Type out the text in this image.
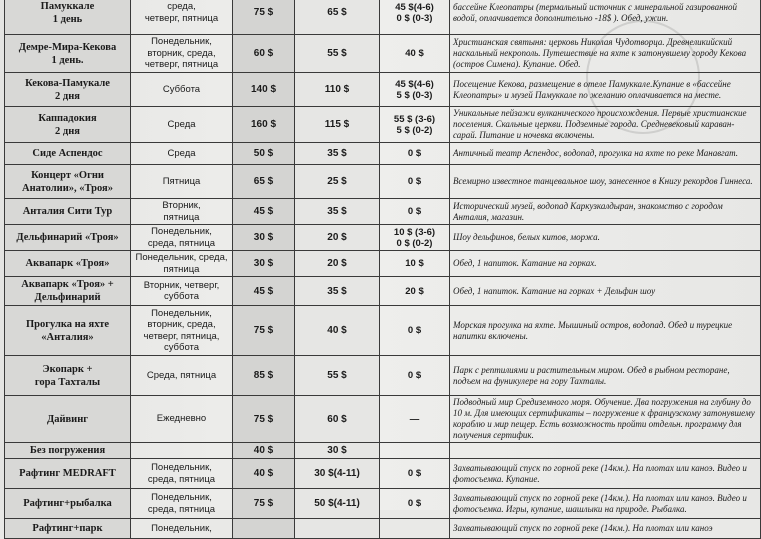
Памуккале
1 день	среда,
четверг, пятница	75 $	65 $	45 $(4-6)
0 $ (0-3)	бассейне Клеопатры (термальный источник с минеральной газированной водой, оплачивается дополнительно -18$ ). Обед, ужин.

Демре-Мира-Кекова
1 день.	Понедельник,
вторник, среда,
четверг, пятница	60 $	55 $	40 $	Христианская святыня: церковь Николая Чудотворца. Древнеликийский наскальный некрополь. Путешествие на яхте к затонувшему городу Кекова (остров Симена). Купание. Обед.

Кекова-Памукале
2 дня	Суббота	140 $	110 $	45 $(4-6)
5 $ (0-3)	Посещение Кекова, размещение в отеле Памуккале.Купание в «бассейне Клеопатры» и музей Памуккале по желанию оплачивается на месте.

Каппадокия
2 дня	Среда	160 $	115 $	55 $ (3-6)
5 $ (0-2)	Уникальные пейзажи вулканического происхождения. Первые христианские поселения. Скальные церкви. Подземные города. Средневековый караван-сарай. Питание и ночевка включены.

Сиде Аспендос	Среда	50 $	35 $	0 $	Античный театр Аспендос, водопад, прогулка на яхте по реке Манавгат.

Концерт «Огни
Анатолии», «Троя»	Пятница	65 $	25 $	0 $	Всемирно известное танцевальное шоу, занесенное в Книгу рекордов Гиннеса.

Анталия Сити Тур	Вторник,
пятница	45 $	35 $	0 $	Исторический музей, водопад Каркузкалдыран, знакомство с городом Анталия, магазин.

Дельфинарий «Троя»	Понедельник,
среда, пятница	30 $	20 $	10 $ (3-6)
0 $ (0-2)	Шоу дельфинов, белых китов, моржа.

Аквапарк «Троя»	Понедельник, среда,
пятница	30 $	20 $	10 $	Обед, 1 напиток. Катание на горках.

Аквапарк «Троя» +
Дельфинарий	Вторник, четверг,
суббота	45 $	35 $	20 $	Обед, 1 напиток. Катание на горках + Дельфин шоу

Прогулка на яхте
«Анталия»	Понедельник,
вторник, среда,
четверг, пятница,
суббота	75 $	40 $	0 $	Морская прогулка на яхте. Мышиный остров, водопад. Обед и турецкие напитки включены.

Экопарк +
гора Тахталы	Среда, пятница	85 $	55 $	0 $	Парк с рептилиями и растительным миром. Обед в рыбном ресторане, подъем на фуникулере на гору Тахталы.

Дайвинг	Ежедневно	75 $	60 $	—	Подводный мир Средиземного моря. Обучение. Два погружения на глубину до 10 м. Для имеющих сертификаты – погружение к французскому затонувшему кораблю и мир пещер. Есть возможность пройти отдельн. программу для получения сертифик.

Без погружения		40 $	30 $	

Рафтинг MEDRAFT	Понедельник,
среда, пятница	40 $	30 $(4-11)	0 $	Захватывающий спуск по горной реке (14км.). На плотах или каноэ. Видео и фотосъемка. Купание.

Рафтинг+рыбалка	Понедельник,
среда, пятница	75 $	50 $(4-11)	0 $	Захватывающий спуск по горной реке (14км.). На плотах или каноэ. Видео и фотосъемка. Игры, купание, шашлыки на природе. Рыбалка.

Рафтинг+парк	Понедельник,				Захватывающий спуск по горной реке (14км.). На плотах или каноэ
